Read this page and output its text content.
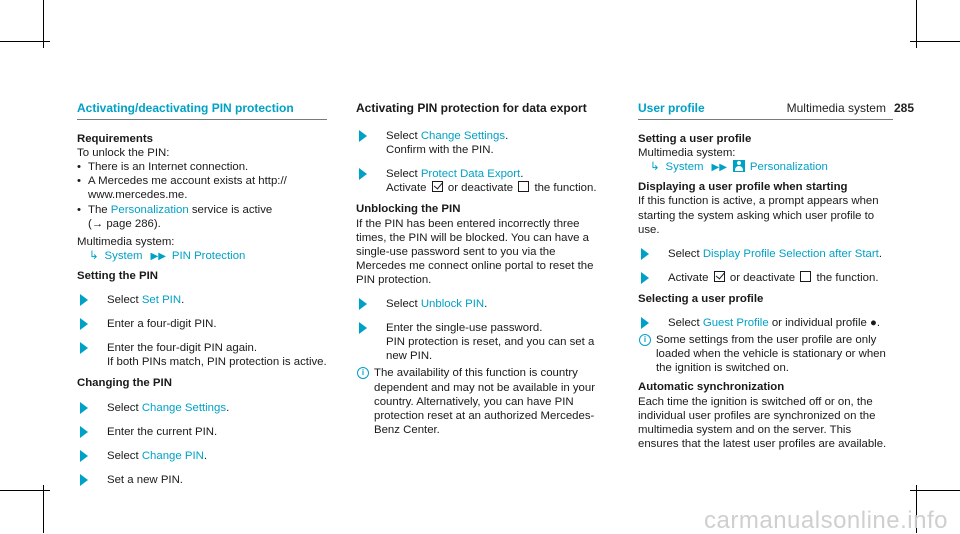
Multimedia system 285
Activating/deactivating PIN protection
Requirements
To unlock the PIN:
• There is an Internet connection.
• A Mercedes me account exists at http:// www.mercedes.me.
• The Personalization service is active
(→ page 286).
Multimedia system:
↳ System ▶▶ PIN Protection
Setting the PIN
Select Set PIN.
Enter a four-digit PIN.
Enter the four-digit PIN again.
If both PINs match, PIN protection is active.
Changing the PIN
Select Change Settings.
Enter the current PIN.
Select Change PIN.
Set a new PIN.
Activating PIN protection for data export
Select Change Settings.
Confirm with the PIN.
Select Protect Data Export.
Activate or deactivate the function.
Unblocking the PIN
If the PIN has been entered incorrectly three times, the PIN will be blocked. You can have a single-use password sent to you via the Mercedes me connect online portal to reset the PIN protection.
Select Unblock PIN.
Enter the single-use password.
PIN protection is reset, and you can set a new PIN.
i The availability of this function is country dependent and may not be available in your country. Alternatively, you can have PIN protection reset at an authorized Mercedes-Benz Center.
User profile
Setting a user profile
Multimedia system:
↳ System ▶▶ Personalization
Displaying a user profile when starting
If this function is active, a prompt appears when starting the system asking which user profile to use.
Select Display Profile Selection after Start.
Activate or deactivate the function.
Selecting a user profile
Select Guest Profile or individual profile ●.
i Some settings from the user profile are only loaded when the vehicle is stationary or when the ignition is switched on.
Automatic synchronization
Each time the ignition is switched off or on, the individual user profiles are synchronized on the multimedia system and on the server. This ensures that the latest user profiles are available.
carmanualsonline.info
